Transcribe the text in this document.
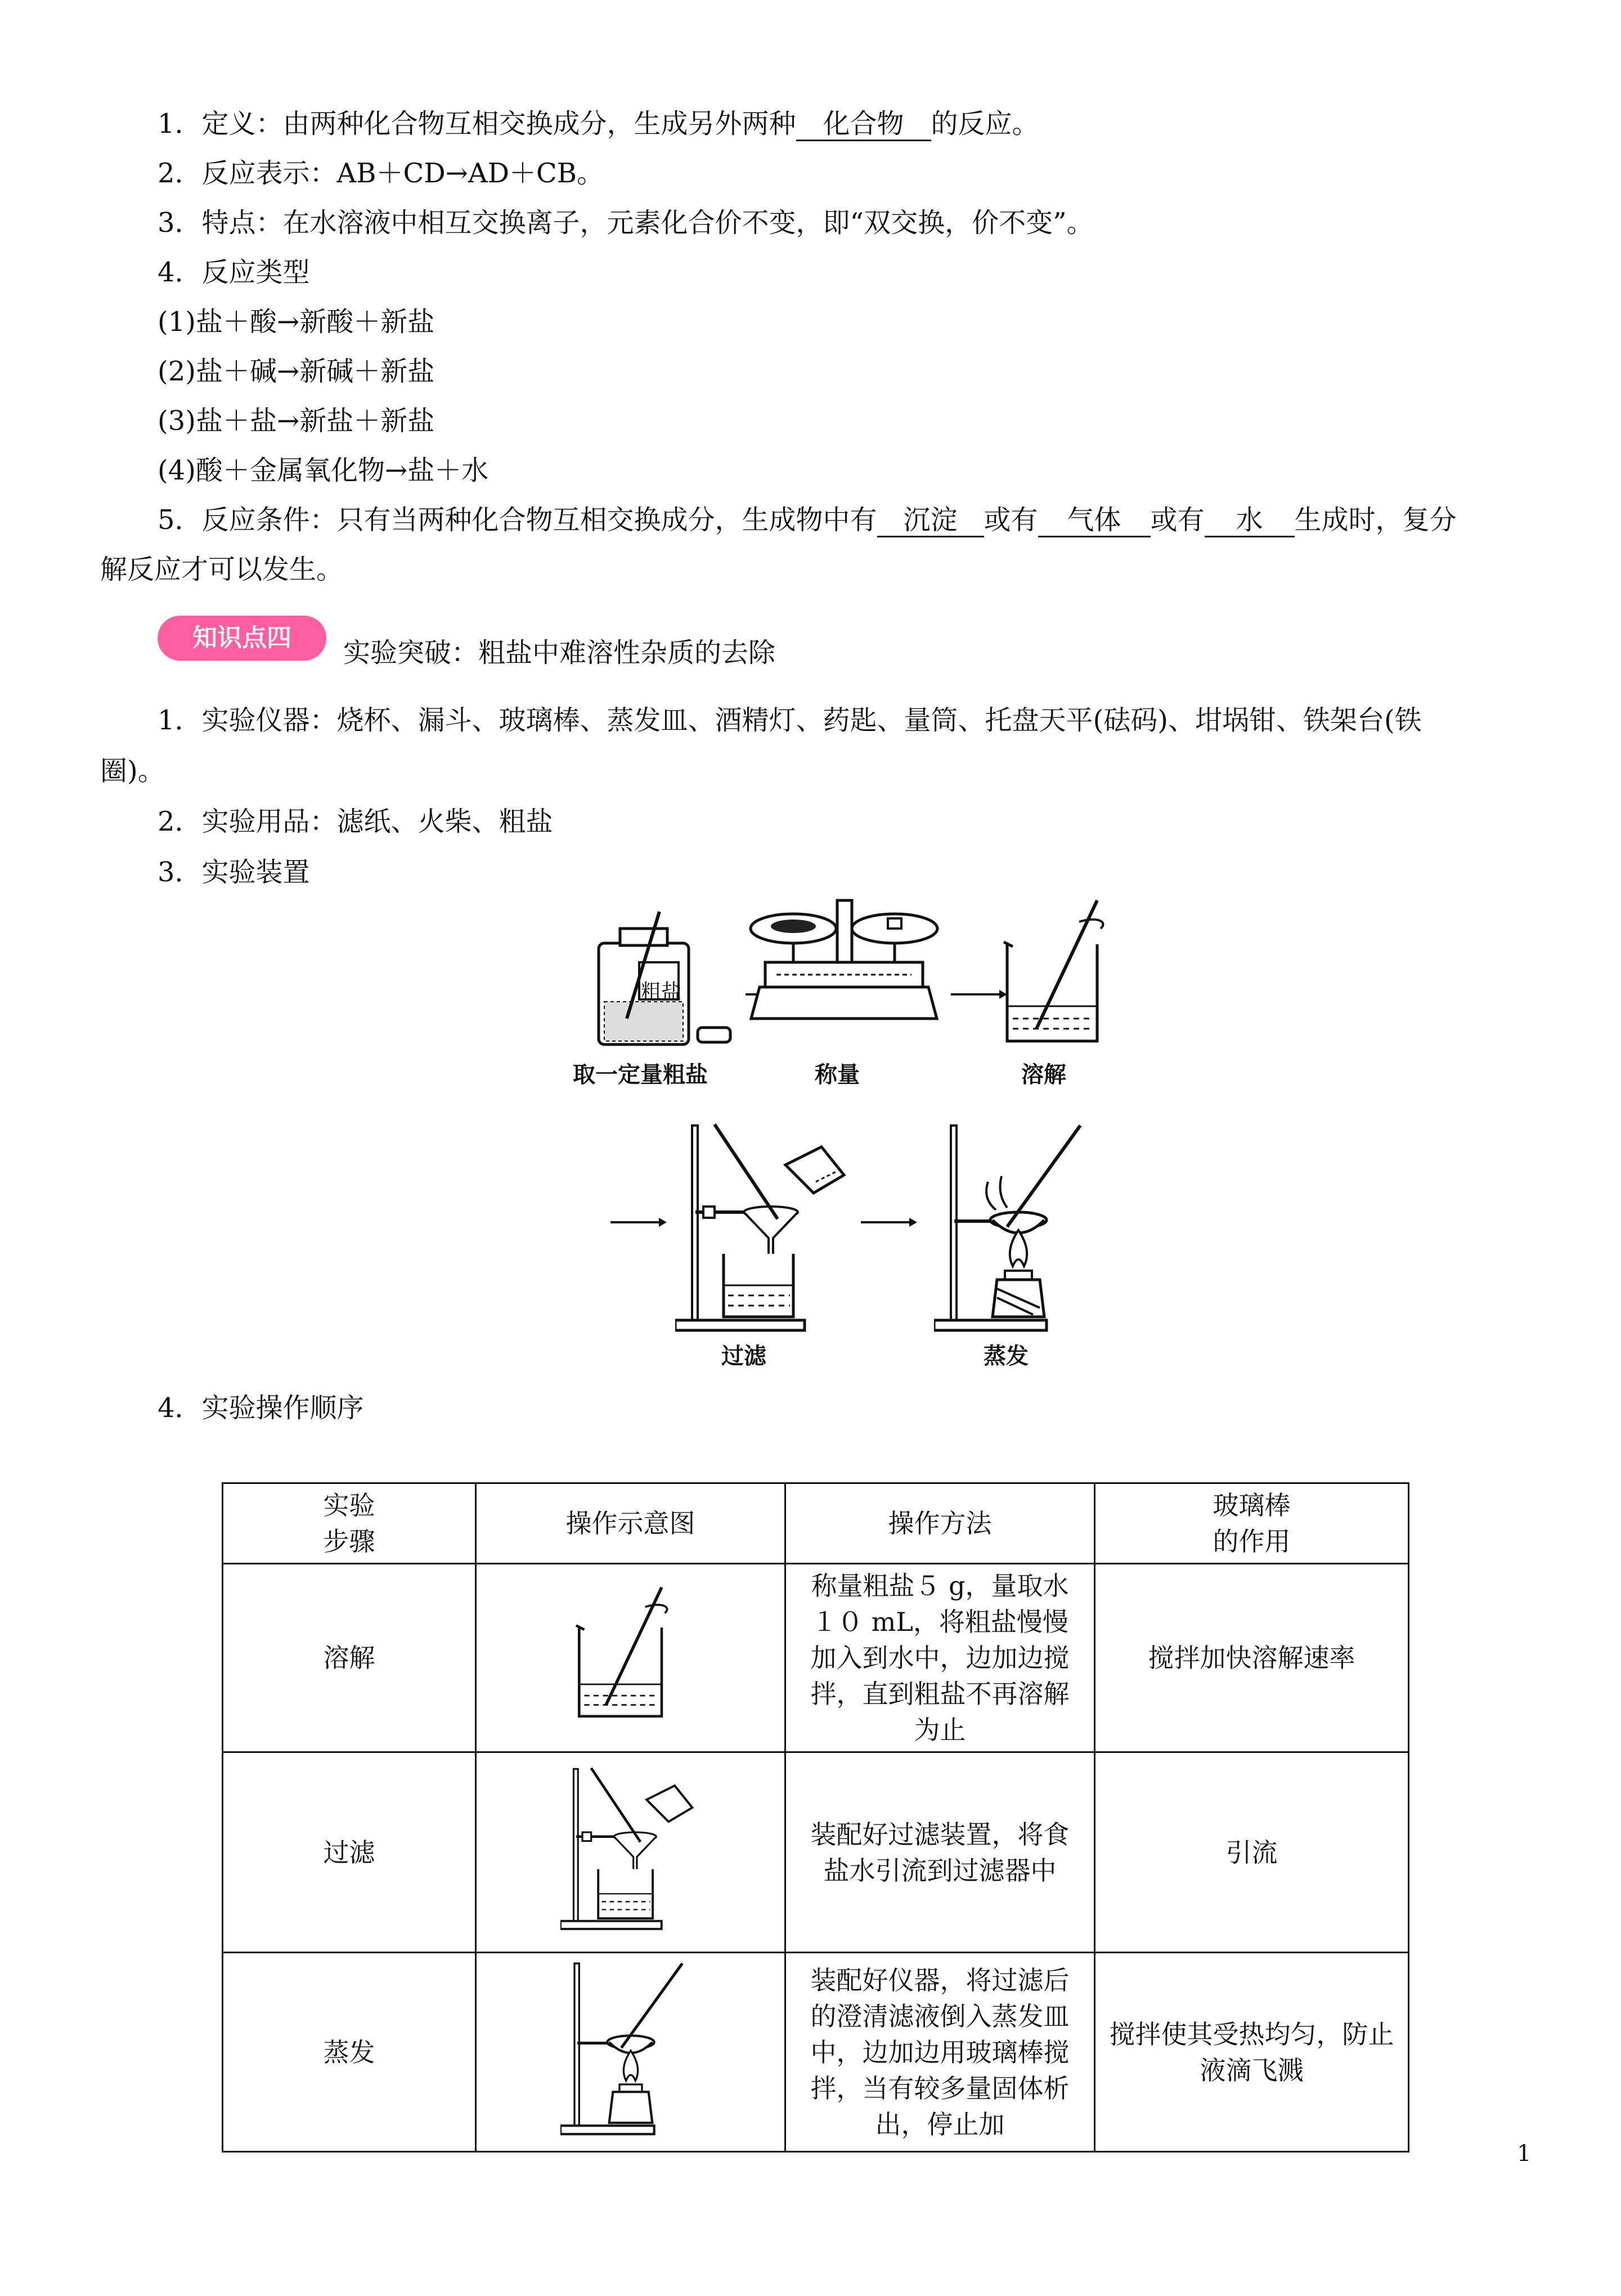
1．定义：由两种化合物互相交换成分，生成另外两种 化合物 的反应。
2．反应表示：AB＋CD→AD＋CB。
3．特点：在水溶液中相互交换离子，元素化合价不变，即“双交换，价不变”。
4．反应类型
(1)盐＋酸→新酸＋新盐
(2)盐＋碱→新碱＋新盐
(3)盐＋盐→新盐＋新盐
(4)酸＋金属氧化物→盐＋水
5．反应条件：只有当两种化合物互相交换成分，生成物中有 沉淀 或有 气体 或有 水 生成时，复分
解反应才可以发生。
知识点四	实验突破：粗盐中难溶性杂质的去除
1．实验仪器：烧杯、漏斗、玻璃棒、蒸发皿、酒精灯、药匙、量筒、托盘天平(砝码)、坩埚钳、铁架台(铁
圈)。
2．实验用品：滤纸、火柴、粗盐
3．实验装置
粗盐
取一定量粗盐	称量	溶解
过滤	蒸发
4．实验操作顺序
实验
步骤	操作示意图	操作方法	玻璃棒
的作用
溶解		称量粗盐５ g，量取水１０ mL，将粗盐慢慢加入到水中，边加边搅拌，直到粗盐不再溶解为止	搅拌加快溶解速率
过滤		装配好过滤装置，将食盐水引流到过滤器中	引流
蒸发		装配好仪器，将过滤后的澄清滤液倒入蒸发皿中，边加边用玻璃棒搅拌，当有较多量固体析出，停止加	搅拌使其受热均匀，防止液滴飞溅
1
